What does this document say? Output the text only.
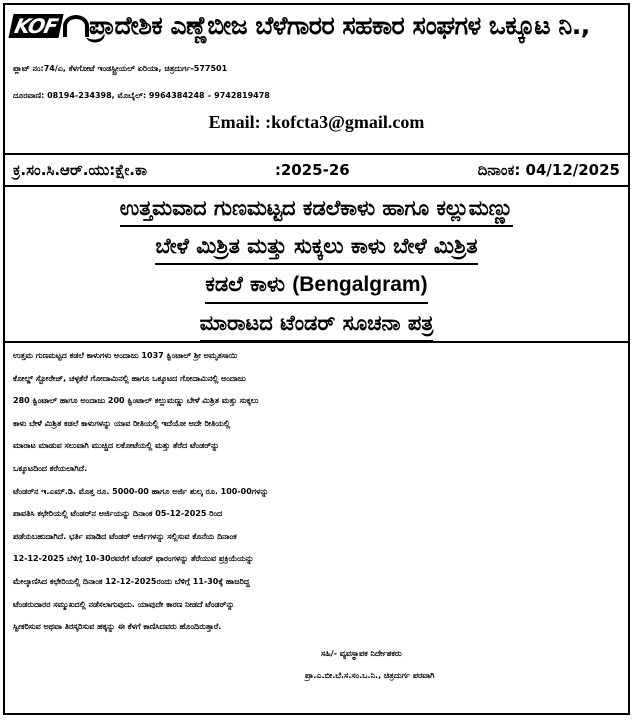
KOF ಪ್ರಾದೇಶಿಕ ಎಣ್ಣೆಬೀಜ ಬೆಳೆಗಾರರ ಸಹಕಾರ ಸಂಘಗಳ ಒಕ್ಕೂಟ ನಿ.,
ಪ್ಲಾಟ್ ನಂ:74/ಎ, ಕೆಳಗೋಟೆ ಇಂಡಸ್ಟ್ರೀಯಲ್ ಏರಿಯಾ, ಚಿತ್ರದುರ್ಗ-577501
ದೂರವಾಣಿ: 08194-234398, ಮೊಬೈಲ್: 9964384248 – 9742819478
Email: :kofcta3@gmail.com
ಕ್ರ.ಸಂ.ಸಿ.ಆರ್.ಯು:ಕ್ಷೇ.ಕಾ	:2025-26	ದಿನಾಂಕ: 04/12/2025
ಉತ್ತಮವಾದ ಗುಣಮಟ್ಟದ ಕಡಲೆಕಾಳು ಹಾಗೂ ಕಲ್ಲುಮಣ್ಣು
ಬೇಳೆ ಮಿಶ್ರಿತ ಮತ್ತು ಸುಕ್ಕಲು ಕಾಳು ಬೇಳೆ ಮಿಶ್ರಿತ
ಕಡಲೆ ಕಾಳು (Bengalgram)
ಮಾರಾಟದ ಟೆಂಡರ್ ಸೂಚನಾ ಪತ್ರ
ಉತ್ತಮ ಗುಣಮಟ್ಟದ ಕಡಲೆ ಕಾಳುಗಳು ಅಂದಾಜು 1037 ಕ್ವಿಂಟಾಲ್ ಶ್ರೀ ಅಮೃತಸಾಯಿ
ಕೋಲ್ಡ್ ಸ್ಟೋರೇಜ್, ಚಳ್ಳಕೆರೆ ಗೋದಾಮಿನಲ್ಲಿ ಹಾಗೂ ಒಕ್ಕೂಟದ ಗೋದಾಮಿನಲ್ಲಿ ಅಂದಾಜು
280 ಕ್ವಿಂಟಾಲ್ ಹಾಗೂ ಅಂದಾಜು 200 ಕ್ವಿಂಟಾಲ್ ಕಲ್ಲುಮಣ್ಣು ಬೇಳೆ ಮಿಶ್ರಿತ ಮತ್ತು ಸುಕ್ಕಲು
ಕಾಳು ಬೇಳೆ ಮಿಶ್ರಿತ ಕಡಲೆ ಕಾಳುಗಳನ್ನು ಯಾವ ರೀತಿಯಲ್ಲಿ ಇದೆಯೋ ಅದೇ ರೀತಿಯಲ್ಲಿ
ಮಾರಾಟ ಮಾಡುವ ಸಲುವಾಗಿ ಮುಚ್ಚಿದ ಲಕೋಟೆಯಲ್ಲಿ ಮತ್ತು ತೆರೆದ ಟೆಂಡರ್‌ನ್ನು
ಒಕ್ಕೂಟದಿಂದ ಕರೆಯಲಾಗಿದೆ.
ಟೆಂಡರ್‌ನ ಇ.ಎಮ್.ಡಿ. ಮೊತ್ತ ರೂ. 5000-00 ಹಾಗೂ ಅರ್ಜಿ ಶುಲ್ಕ ರೂ. 100-00ಗಳನ್ನು
ಪಾವತಿಸಿ ಕಛೇರಿಯಲ್ಲಿ ಟೆಂಡರ್‌ನ ಅರ್ಜಿಯನ್ನು ದಿನಾಂಕ 05-12-2025 ರಿಂದ
ಪಡೆಯಬಹುದಾಗಿದೆ. ಭರ್ತಿ ಮಾಡಿದ ಟೆಂಡರ್ ಅರ್ಜಿಗಳನ್ನು ಸಲ್ಲಿಸುವ ಕೊನೆಯ ದಿನಾಂಕ
12-12-2025 ಬೆಳಿಗ್ಗೆ 10-30ರವರೆಗೆ ಟೆಂಡರ್ ಫಾರಂಗಳನ್ನು ತೆರೆಯುವ ಪ್ರಕ್ರಿಯೆಯನ್ನು
ಮೇಲ್ಕಾಣಿಸಿದ ಕಛೇರಿಯಲ್ಲಿ ದಿನಾಂಕ 12-12-2025ರಂದು ಬೆಳಿಗ್ಗೆ 11-30ಕ್ಕೆ ಹಾಜರಿದ್ದ
ಟೆಂಡರುದಾರರ ಸಮ್ಮುಖದಲ್ಲಿ ನಡೆಸಲಾಗುವುದು. ಯಾವುದೇ ಕಾರಣ ನೀಡದೆ ಟೆಂಡರ್‌ನ್ನು
ಸ್ವೀಕರಿಸುವ ಅಥವಾ ತಿರಸ್ಕರಿಸುವ ಹಕ್ಕನ್ನು ಈ ಕೆಳಗೆ ಕಾಣಿಸಿದವರು ಹೊಂದಿರುತ್ತಾರೆ.
ಸಹಿ/- ವ್ಯವಸ್ಥಾಪಕ ನಿರ್ದೇಶಕರು
ಪ್ರಾ.ಎ.ಬೀ.ಬೆ.ಸ.ಸಂ.ಒ.ನಿ., ಚಿತ್ರದುರ್ಗ ಪರವಾಗಿ
